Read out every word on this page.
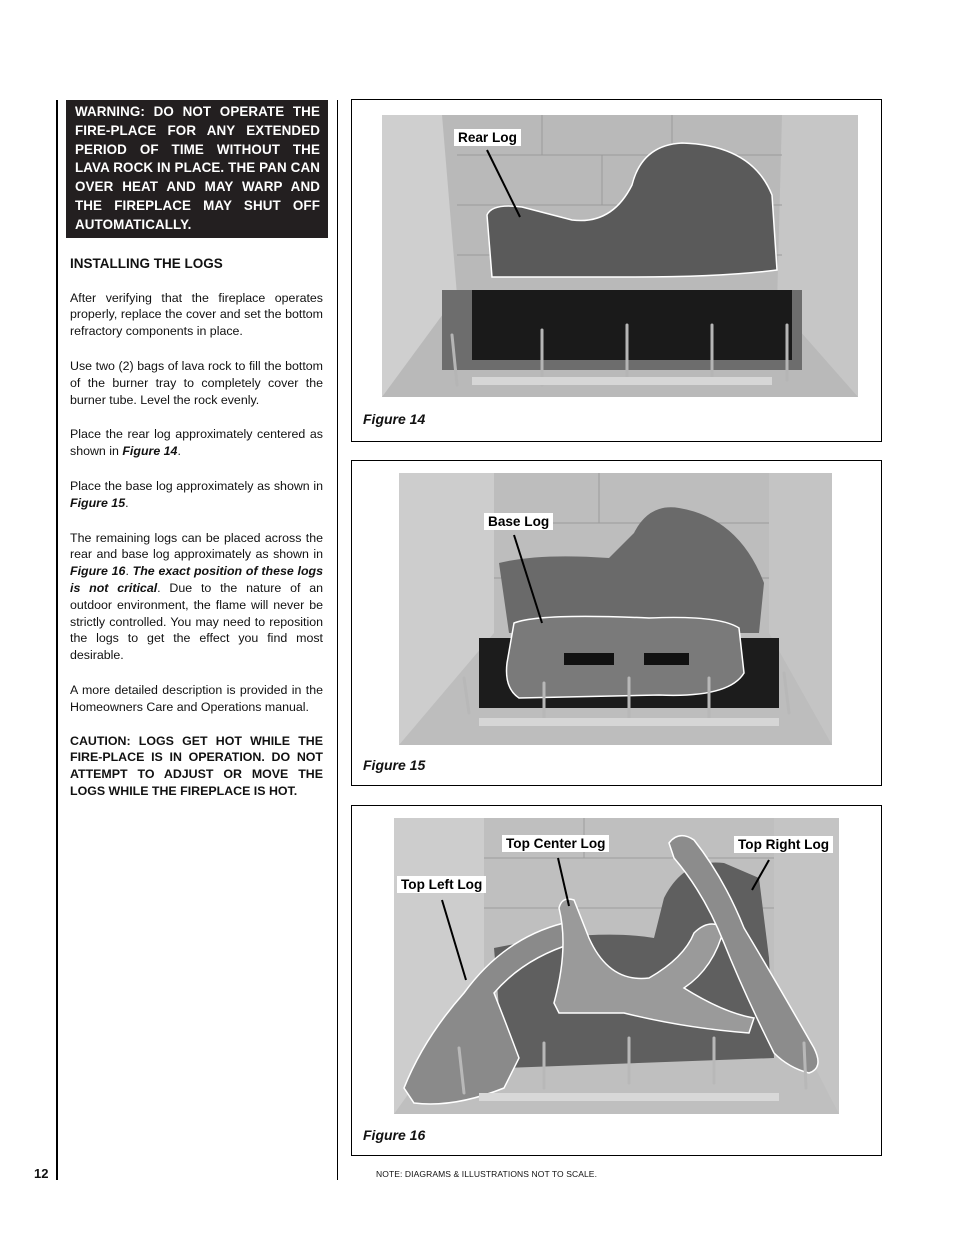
WARNING: DO NOT OPERATE THE FIRE-PLACE FOR ANY EXTENDED PERIOD OF TIME WITHOUT THE LAVA ROCK IN PLACE. THE PAN CAN OVER HEAT AND MAY WARP AND THE FIREPLACE MAY SHUT OFF AUTOMATICALLY.
INSTALLING THE LOGS
After verifying that the fireplace operates properly, replace the cover and set the bottom refractory components in place.
Use two (2) bags of lava rock to fill the bottom of the burner tray to completely cover the burner tube. Level the rock evenly.
Place the rear log approximately centered as shown in Figure 14.
Place the base log approximately as shown in Figure 15.
The remaining logs can be placed across the rear and base log approximately as shown in Figure 16. The exact position of these logs is not critical. Due to the nature of an outdoor environment, the flame will never be strictly controlled. You may need to reposition the logs to get the effect you find most desirable.
A more detailed description is provided in the Homeowners Care and Operations manual.
CAUTION: LOGS GET HOT WHILE THE FIRE-PLACE IS IN OPERATION. DO NOT ATTEMPT TO ADJUST OR MOVE THE LOGS WHILE THE FIREPLACE IS HOT.
Rear Log
Figure 14
Base Log
Figure 15
Top Center Log
Top Left Log
Top Right Log
Figure 16
12	NOTE: DIAGRAMS & ILLUSTRATIONS NOT TO SCALE.
